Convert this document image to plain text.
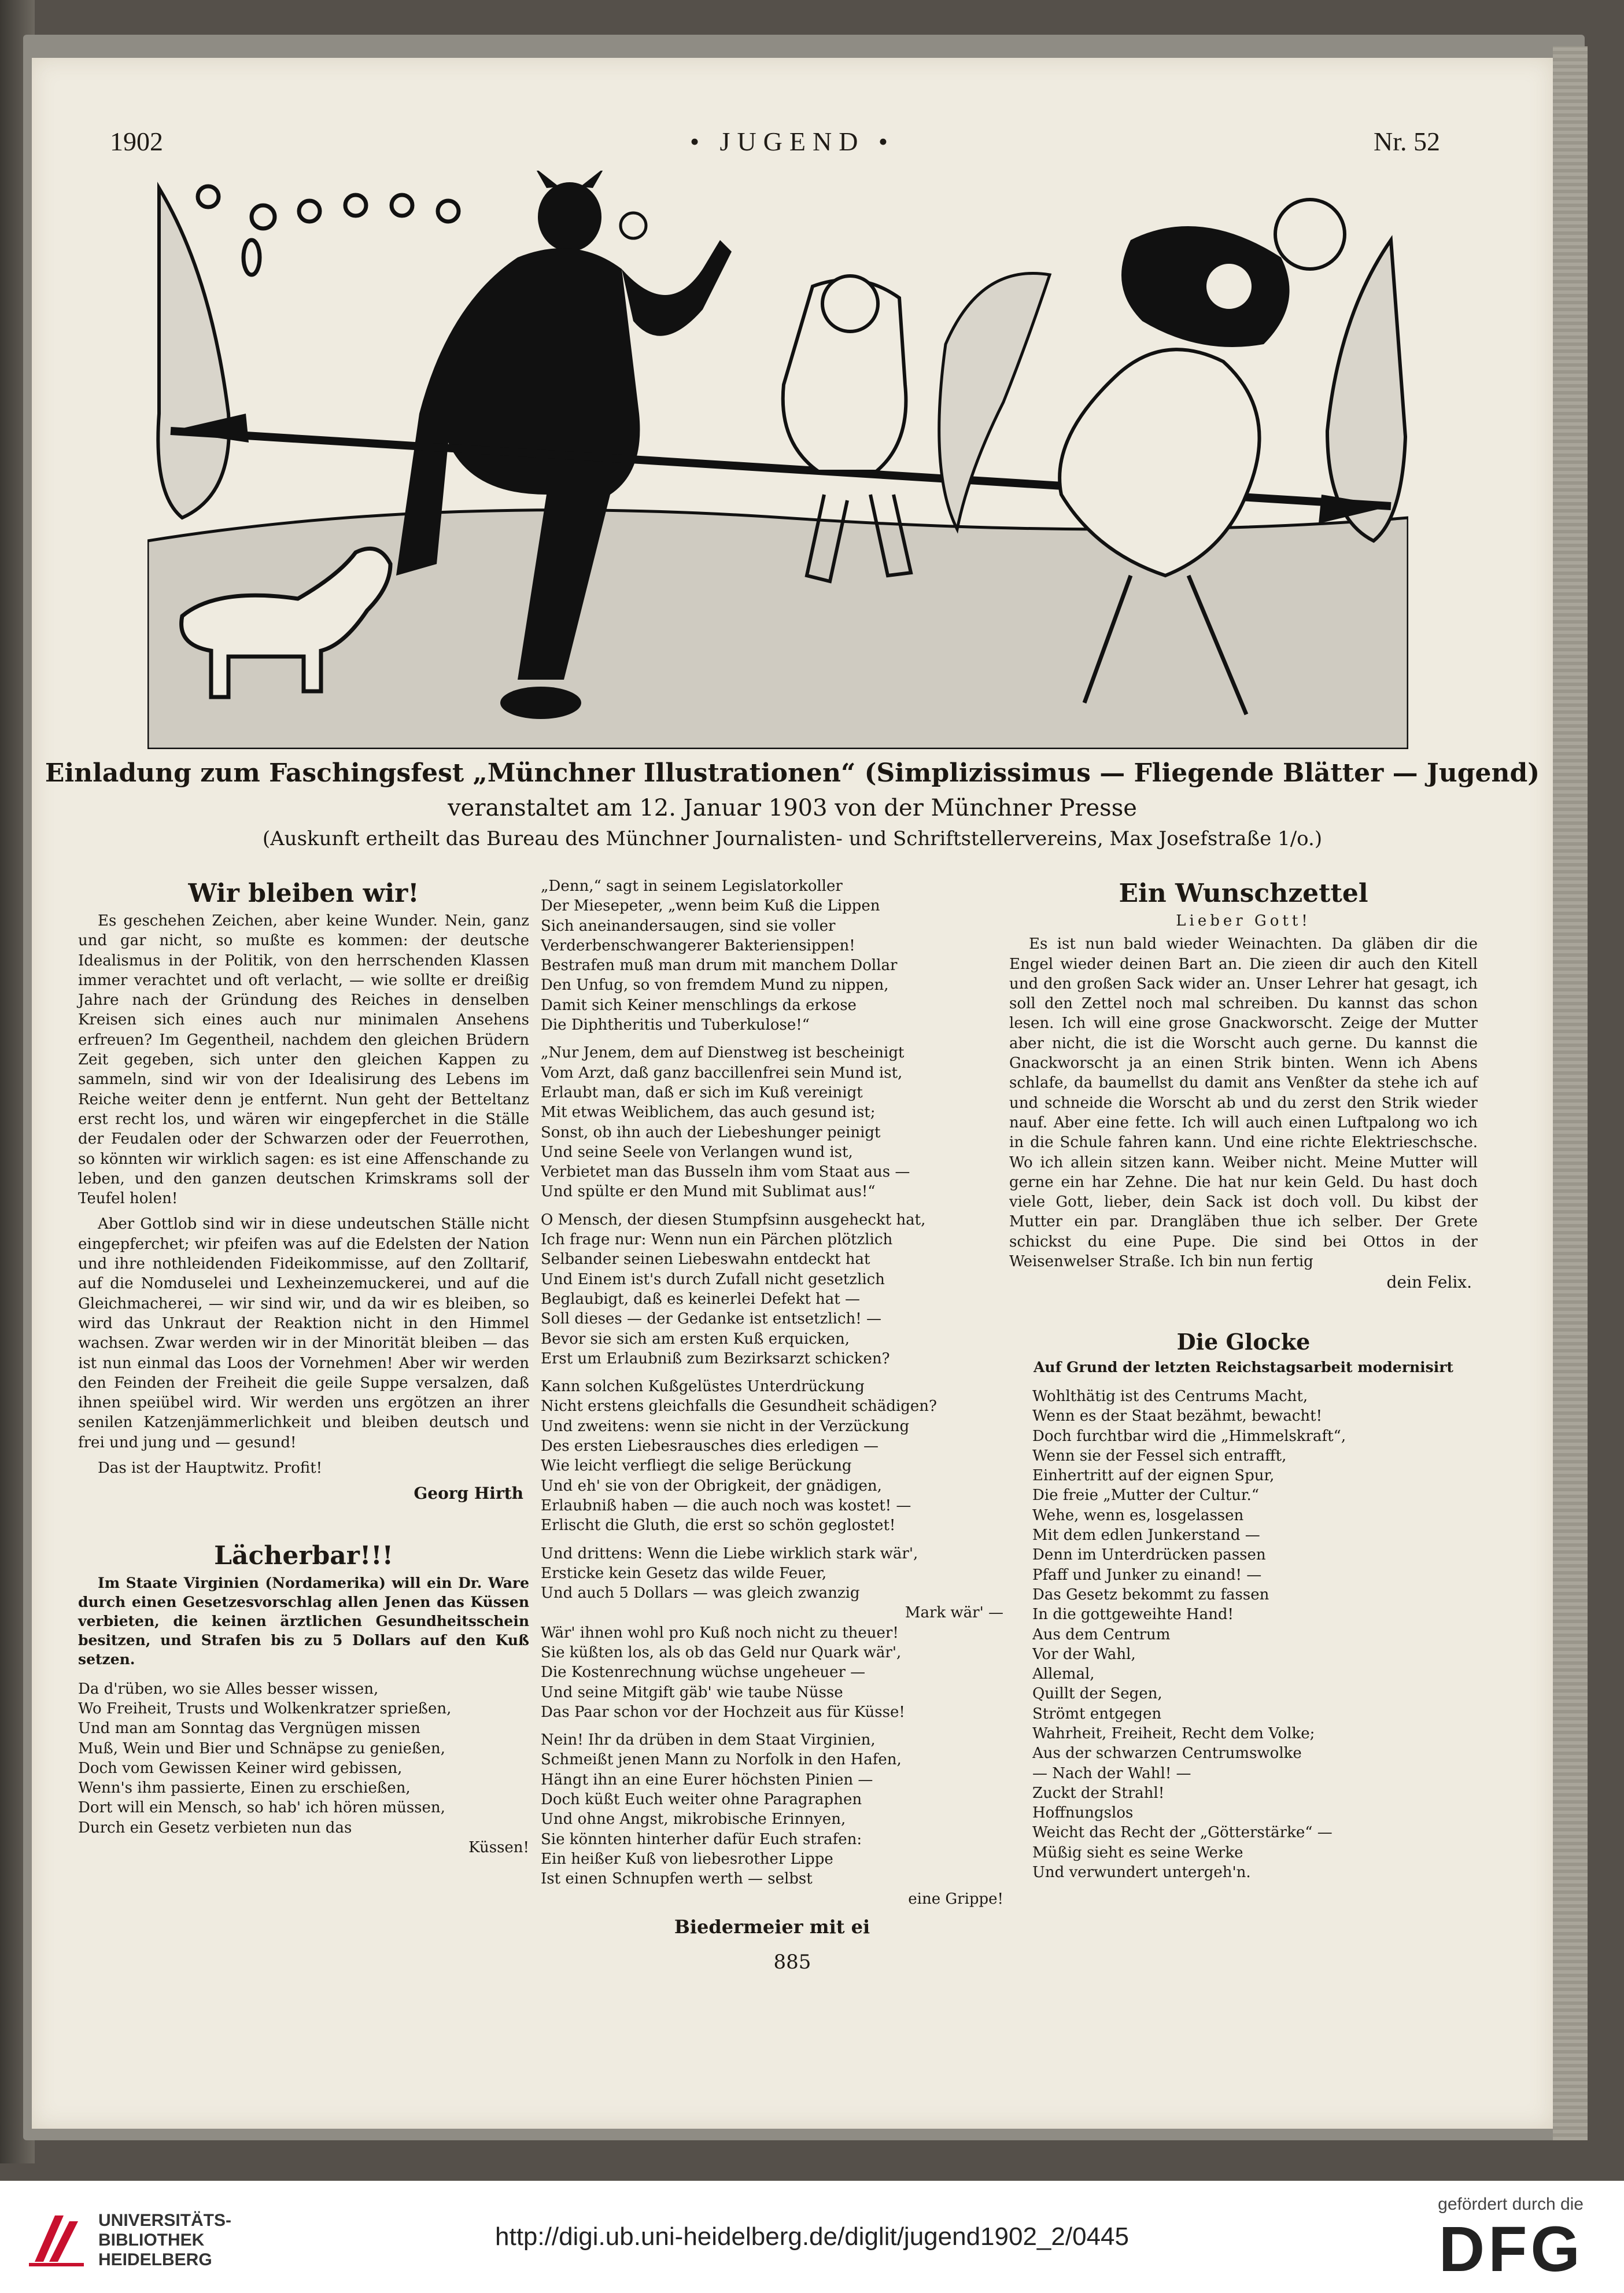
1902	• JUGEND •	Nr. 52
Einladung zum Faschingsfest „Münchner Illustrationen“ (Simplizissimus — Fliegende Blätter — Jugend)
veranstaltet am 12. Januar 1903 von der Münchner Presse
(Auskunft ertheilt das Bureau des Münchner Journalisten- und Schriftstellervereins, Max Josefstraße 1/o.)
Wir bleiben wir!

Es geschehen Zeichen, aber keine Wunder. Nein, ganz und gar nicht, so mußte es kommen: der deutsche Idealismus in der Politik, von den herrschenden Klassen immer verachtet und oft verlacht, — wie sollte er dreißig Jahre nach der Gründung des Reiches in denselben Kreisen sich eines auch nur minimalen Ansehens erfreuen? Im Gegentheil, nachdem den gleichen Brüdern Zeit gegeben, sich unter den gleichen Kappen zu sammeln, sind wir von der Idealisirung des Lebens im Reiche weiter denn je entfernt. Nun geht der Betteltanz erst recht los, und wären wir eingepferchet in die Ställe der Feudalen oder der Schwarzen oder der Feuerrothen, so könnten wir wirklich sagen: es ist eine Affenschande zu leben, und den ganzen deutschen Krimskrams soll der Teufel holen!

Aber Gottlob sind wir in diese undeutschen Ställe nicht eingepferchet; wir pfeifen was auf die Edelsten der Nation und ihre nothleidenden Fideikommisse, auf den Zolltarif, auf die Nomduselei und Lexheinzemuckerei, und auf die Gleichmacherei, — wir sind wir, und da wir es bleiben, so wird das Unkraut der Reaktion nicht in den Himmel wachsen. Zwar werden wir in der Minorität bleiben — das ist nun einmal das Loos der Vornehmen! Aber wir werden den Feinden der Freiheit die geile Suppe versalzen, daß ihnen speiübel wird. Wir werden uns ergötzen an ihrer senilen Katzenjämmerlichkeit und bleiben deutsch und frei und jung und — gesund!

Das ist der Hauptwitz. Profit!

Georg Hirth
Lächerbar!!!

Im Staate Virginien (Nordamerika) will ein Dr. Ware durch einen Gesetzesvorschlag allen Jenen das Küssen verbieten, die keinen ärztlichen Gesundheitsschein besitzen, und Strafen bis zu 5 Dollars auf den Kuß setzen.

Da d'rüben, wo sie Alles besser wissen,
Wo Freiheit, Trusts und Wolkenkratzer sprießen,
Und man am Sonntag das Vergnügen missen
Muß, Wein und Bier und Schnäpse zu genießen,
Doch vom Gewissen Keiner wird gebissen,
Wenn's ihm passierte, Einen zu erschießen,
Dort will ein Mensch, so hab' ich hören müssen,
Durch ein Gesetz verbieten nun das
Küssen!
„Denn,“ sagt in seinem Legislatorkoller
Der Miesepeter, „wenn beim Kuß die Lippen
Sich aneinandersaugen, sind sie voller
Verderbenschwangerer Bakteriensippen!
Bestrafen muß man drum mit manchem Dollar
Den Unfug, so von fremdem Mund zu nippen,
Damit sich Keiner menschlings da erkose
Die Diphtheritis und Tuberkulose!“
„Nur Jenem, dem auf Dienstweg ist bescheinigt
Vom Arzt, daß ganz baccillenfrei sein Mund ist,
Erlaubt man, daß er sich im Kuß vereinigt
Mit etwas Weiblichem, das auch gesund ist;
Sonst, ob ihn auch der Liebeshunger peinigt
Und seine Seele von Verlangen wund ist,
Verbietet man das Busseln ihm vom Staat aus —
Und spülte er den Mund mit Sublimat aus!“
O Mensch, der diesen Stumpfsinn ausgeheckt hat,
Ich frage nur: Wenn nun ein Pärchen plötzlich
Selbander seinen Liebeswahn entdeckt hat
Und Einem ist's durch Zufall nicht gesetzlich
Beglaubigt, daß es keinerlei Defekt hat —
Soll dieses — der Gedanke ist entsetzlich! —
Bevor sie sich am ersten Kuß erquicken,
Erst um Erlaubniß zum Bezirksarzt schicken?
Kann solchen Kußgelüstes Unterdrückung
Nicht erstens gleichfalls die Gesundheit schädigen?
Und zweitens: wenn sie nicht in der Verzückung
Des ersten Liebesrausches dies erledigen —
Wie leicht verfliegt die selige Berückung
Und eh' sie von der Obrigkeit, der gnädigen,
Erlaubniß haben — die auch noch was kostet! —
Erlischt die Gluth, die erst so schön geglostet!
Und drittens: Wenn die Liebe wirklich stark wär',
Ersticke kein Gesetz das wilde Feuer,
Und auch 5 Dollars — was gleich zwanzig
Mark wär' —
Wär' ihnen wohl pro Kuß noch nicht zu theuer!
Sie küßten los, als ob das Geld nur Quark wär',
Die Kostenrechnung wüchse ungeheuer —
Und seine Mitgift gäb' wie taube Nüsse
Das Paar schon vor der Hochzeit aus für Küsse!
Nein! Ihr da drüben in dem Staat Virginien,
Schmeißt jenen Mann zu Norfolk in den Hafen,
Hängt ihn an eine Eurer höchsten Pinien —
Doch küßt Euch weiter ohne Paragraphen
Und ohne Angst, mikrobische Erinnyen,
Sie könnten hinterher dafür Euch strafen:
Ein heißer Kuß von liebesrother Lippe
Ist einen Schnupfen werth — selbst
eine Grippe!
Biedermeier mit ei
Ein Wunschzettel
Lieber Gott!

Es ist nun bald wieder Weinachten. Da gläben dir die Engel wieder deinen Bart an. Die zieen dir auch den Kitell und den großen Sack wider an. Unser Lehrer hat gesagt, ich soll den Zettel noch mal schreiben. Du kannst das schon lesen. Ich will eine grose Gnackworscht. Zeige der Mutter aber nicht, die ist die Worscht auch gerne. Du kannst die Gnackworscht ja an einen Strik binten. Wenn ich Abens schlafe, da baumellst du damit ans Venßter da stehe ich auf und schneide die Worscht ab und du zerst den Strik wieder nauf. Aber eine fette. Ich will auch einen Luftpalong wo ich in die Schule fahren kann. Und eine richte Elektrieschsche. Wo ich allein sitzen kann. Weiber nicht. Meine Mutter will gerne ein har Zehne. Die hat nur kein Geld. Du hast doch viele Gott, lieber, dein Sack ist doch voll. Du kibst der Mutter ein par. Drangläben thue ich selber. Der Grete schickst du eine Pupe. Die sind bei Ottos in der Weisenwelser Straße. Ich bin nun fertig

dein Felix.
Die Glocke
Auf Grund der letzten Reichstagsarbeit modernisirt
Wohlthätig ist des Centrums Macht,
Wenn es der Staat bezähmt, bewacht!
Doch furchtbar wird die „Himmelskraft“,
Wenn sie der Fessel sich entrafft,
Einhertritt auf der eignen Spur,
Die freie „Mutter der Cultur.“
Wehe, wenn es, losgelassen
Mit dem edlen Junkerstand —
Denn im Unterdrücken passen
Pfaff und Junker zu einand! —
Das Gesetz bekommt zu fassen
In die gottgeweihte Hand!
Aus dem Centrum
Vor der Wahl,
Allemal,
Quillt der Segen,
Strömt entgegen
Wahrheit, Freiheit, Recht dem Volke;
Aus der schwarzen Centrumswolke
— Nach der Wahl! —
Zuckt der Strahl!
Hoffnungslos
Weicht das Recht der „Götterstärke“ —
Müßig sieht es seine Werke
Und verwundert untergeh'n.
885
UNIVERSITÄTS-
BIBLIOTHEK
HEIDELBERG
http://digi.ub.uni-heidelberg.de/diglit/jugend1902_2/0445
gefördert durch die
DFG
